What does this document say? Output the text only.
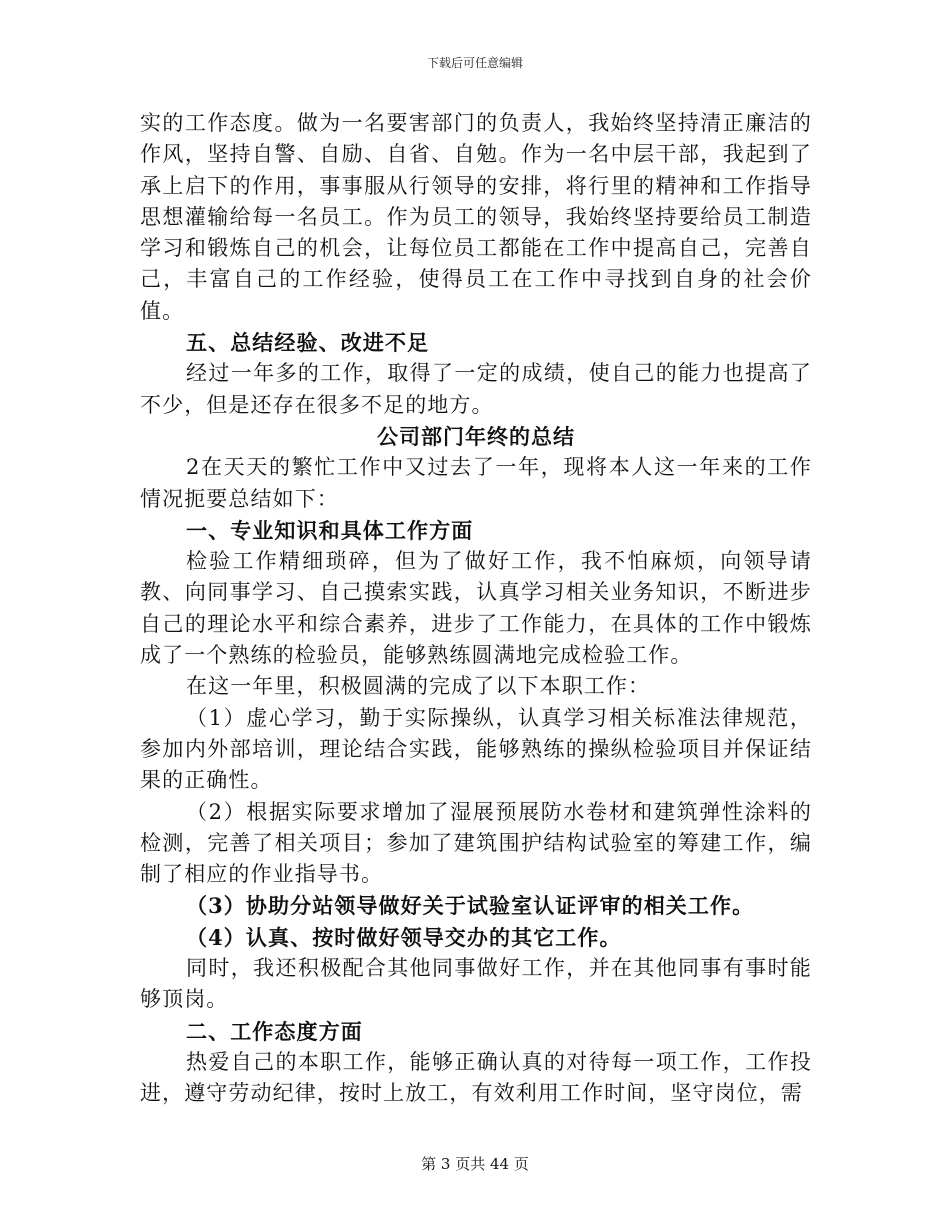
下载后可任意编辑

实的工作态度。做为一名要害部门的负责人，我始终坚持清正廉洁的作风，坚持自警、自励、自省、自勉。作为一名中层干部，我起到了承上启下的作用，事事服从行领导的安排，将行里的精神和工作指导思想灌输给每一名员工。作为员工的领导，我始终坚持要给员工制造学习和锻炼自己的机会，让每位员工都能在工作中提高自己，完善自己，丰富自己的工作经验，使得员工在工作中寻找到自身的社会价值。

五、总结经验、改进不足

经过一年多的工作，取得了一定的成绩，使自己的能力也提高了不少，但是还存在很多不足的地方。

公司部门年终的总结

2在天天的繁忙工作中又过去了一年，现将本人这一年来的工作情况扼要总结如下：

一、专业知识和具体工作方面

检验工作精细琐碎，但为了做好工作，我不怕麻烦，向领导请教、向同事学习、自己摸索实践，认真学习相关业务知识，不断进步自己的理论水平和综合素养，进步了工作能力，在具体的工作中锻炼成了一个熟练的检验员，能够熟练圆满地完成检验工作。

在这一年里，积极圆满的完成了以下本职工作：

（1）虚心学习，勤于实际操纵，认真学习相关标准法律规范，参加内外部培训，理论结合实践，能够熟练的操纵检验项目并保证结果的正确性。

（2）根据实际要求增加了湿展预展防水卷材和建筑弹性涂料的检测，完善了相关项目；参加了建筑围护结构试验室的筹建工作，编制了相应的作业指导书。

（3）协助分站领导做好关于试验室认证评审的相关工作。

（4）认真、按时做好领导交办的其它工作。

同时，我还积极配合其他同事做好工作，并在其他同事有事时能够顶岗。

二、工作态度方面

热爱自己的本职工作，能够正确认真的对待每一项工作，工作投进，遵守劳动纪律，按时上放工，有效利用工作时间，坚守岗位，需

第 3 页共 44 页
